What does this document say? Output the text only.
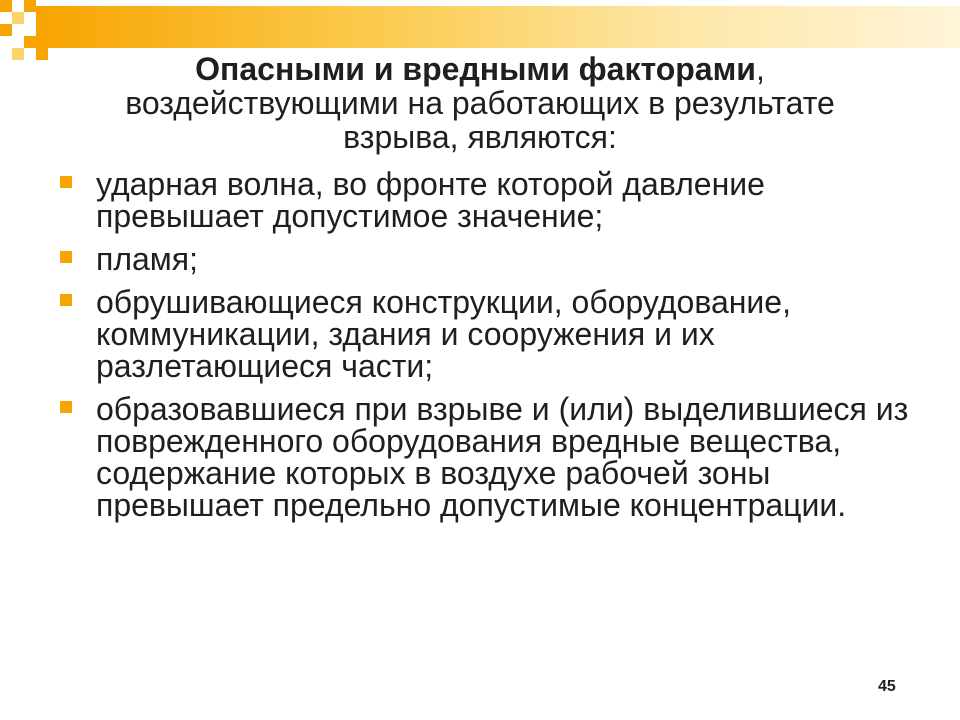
Опасными и вредными факторами, воздействующими на работающих в результате взрыва, являются:
ударная волна, во фронте которой давление превышает допустимое значение;
пламя;
обрушивающиеся конструкции, оборудование, коммуникации, здания и сооружения и их разлетающиеся части;
образовавшиеся при взрыве и (или) выделившиеся из поврежденного оборудования вредные вещества, содержание которых в воздухе рабочей зоны превышает предельно допустимые концентрации.
45
